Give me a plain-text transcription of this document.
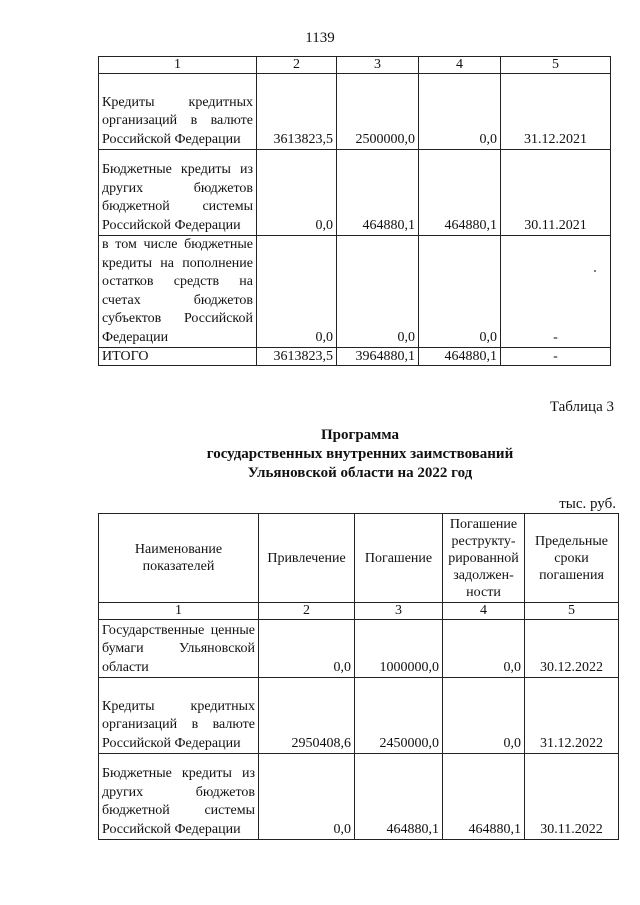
1139
1	2	3	4	5
Кредиты кредитных организаций в валюте Российской Федерации	3613823,5	2500000,0	0,0	31.12.2021
Бюджетные кредиты из других бюджетов бюджетной системы Российской Федерации	0,0	464880,1	464880,1	30.11.2021
в том числе бюджетные кредиты на пополнение остатков средств на счетах бюджетов субъектов Российской Федерации	0,0	0,0	0,0	-
ИТОГО	3613823,5	3964880,1	464880,1	-
Таблица 3
Программа
государственных внутренних заимствований
Ульяновской области на 2022 год
тыс. руб.
Наименование показателей	Привлечение	Погашение	Погашение реструктурированной задолженности	Предельные сроки погашения
1	2	3	4	5
Государственные ценные бумаги Ульяновской области	0,0	1000000,0	0,0	30.12.2022
Кредиты кредитных организаций в валюте Российской Федерации	2950408,6	2450000,0	0,0	31.12.2022
Бюджетные кредиты из других бюджетов бюджетной системы Российской Федерации	0,0	464880,1	464880,1	30.11.2022
